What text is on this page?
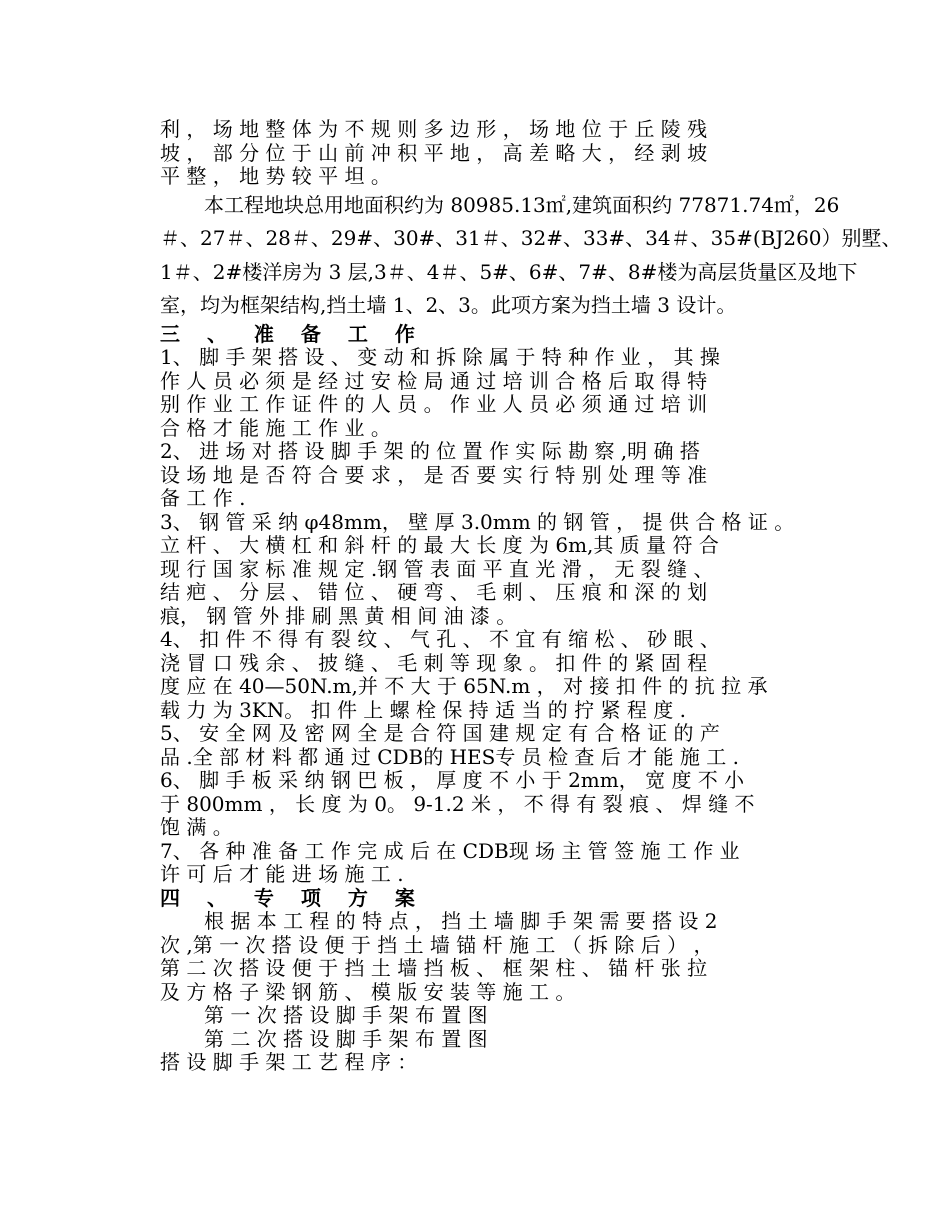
利 ， 场 地 整 体 为 不 规 则 多 边 形 ， 场 地 位 于 丘 陵 残
坡 ， 部 分 位 于 山 前 冲 积 平 地 ， 高 差 略 大 ， 经 剥 坡
平 整 ， 地 势 较 平 坦 。
本工程地块总用地面积约为 80985.13㎡,建筑面积约 77871.74㎡，26
＃、27＃、28＃、29#、30#、31＃、32#、33#、34＃、35#(BJ260）别墅、
1＃、2#楼洋房为 3 层,3＃、4＃、5#、6#、7#、8#楼为高层货量区及地下
室，均为框架结构,挡土墙 1、2、3。此项方案为挡土墙 3 设计。
三 、 准 备 工 作
1、 脚 手 架 搭 设 、 变 动 和 拆 除 属 于 特 种 作 业 ， 其 操
作 人 员 必 须 是 经 过 安 检 局 通 过 培 训 合 格 后 取 得 特
别 作 业 工 作 证 件 的 人 员 。 作 业 人 员 必 须 通 过 培 训
合 格 才 能 施 工 作 业 。
2、 进 场 对 搭 设 脚 手 架 的 位 置 作 实 际 勘 察 ,明 确 搭
设 场 地 是 否 符 合 要 求 ， 是 否 要 实 行 特 别 处 理 等 准
备 工 作 .
3、 钢 管 采 纳 φ48mm， 壁 厚 3.0mm 的 钢 管 ， 提 供 合 格 证 。
立 杆 、 大 横 杠 和 斜 杆 的 最 大 长 度 为 6m,其 质 量 符 合
现 行 国 家 标 准 规 定 .钢 管 表 面 平 直 光 滑 ， 无 裂 缝 、
结 疤 、 分 层 、 错 位 、 硬 弯 、 毛 刺 、 压 痕 和 深 的 划
痕， 钢 管 外 排 刷 黑 黄 相 间 油 漆 。
4、 扣 件 不 得 有 裂 纹 、 气 孔 、 不 宜 有 缩 松 、 砂 眼 、
浇 冒 口 残 余 、 披 缝 、 毛 刺 等 现 象 。 扣 件 的 紧 固 程
度 应 在 40—50N.m,并 不 大 于 65N.m ， 对 接 扣 件 的 抗 拉 承
载 力 为 3KN。 扣 件 上 螺 栓 保 持 适 当 的 拧 紧 程 度 .
5、 安 全 网 及 密 网 全 是 合 符 国 建 规 定 有 合 格 证 的 产
品 .全 部 材 料 都 通 过 CDB的 HES专 员 检 查 后 才 能 施 工 .
6、 脚 手 板 采 纳 钢 巴 板 ， 厚 度 不 小 于 2mm， 宽 度 不 小
于 800mm ， 长 度 为 0。 9-1.2 米 ， 不 得 有 裂 痕 、 焊 缝 不
饱 满 。
7、 各 种 准 备 工 作 完 成 后 在 CDB现 场 主 管 签 施 工 作 业
许 可 后 才 能 进 场 施 工 .
四 、 专 项 方 案
根 据 本 工 程 的 特 点 ， 挡 土 墙 脚 手 架 需 要 搭 设 2
次 ,第 一 次 搭 设 便 于 挡 土 墙 锚 杆 施 工 （ 拆 除 后 ） ，
第 二 次 搭 设 便 于 挡 土 墙 挡 板 、 框 架 柱 、 锚 杆 张 拉
及 方 格 子 梁 钢 筋 、 模 版 安 装 等 施 工 。
第 一 次 搭 设 脚 手 架 布 置 图
第 二 次 搭 设 脚 手 架 布 置 图
搭 设 脚 手 架 工 艺 程 序 ：
